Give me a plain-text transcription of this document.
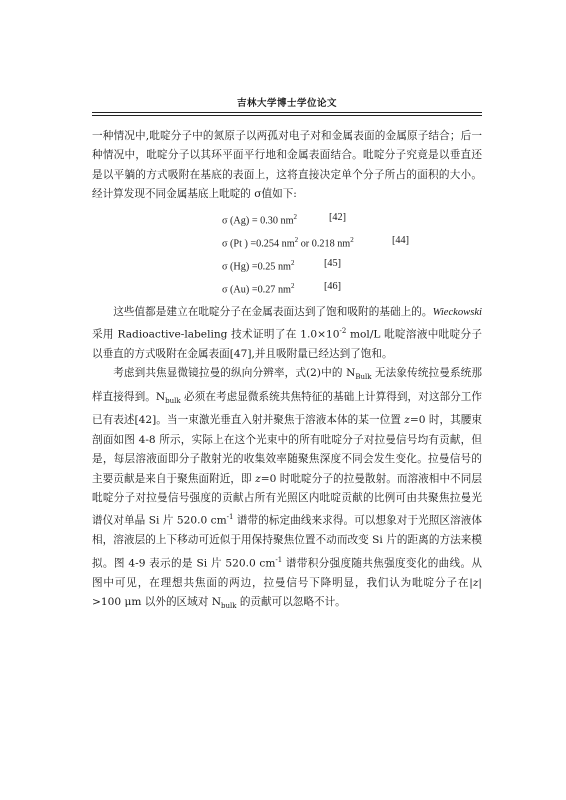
吉林大学博士学位论文

一种情况中,吡啶分子中的氮原子以两孤对电子对和金属表面的金属原子结合；后一种情况中，吡啶分子以其环平面平行地和金属表面结合。吡啶分子究竟是以垂直还是以平躺的方式吸附在基底的表面上，这将直接决定单个分子所占的面积的大小。经计算发现不同金属基底上吡啶的 σ值如下:

σ (Ag) = 0.30 $nm^2$	[42]
σ (Pt ) =0.254 $nm^2$ or 0.218 $nm^2$	[44]
σ (Hg) =0.25 $nm^2$	[45]
σ (Au) =0.27 $nm^2$	[46]

这些值都是建立在吡啶分子在金属表面达到了饱和吸附的基础上的。Wieckowski 采用 Radioactive-labeling 技术证明了在 $1.0\times 10^{-2}$ mol/L 吡啶溶液中吡啶分子以垂直的方式吸附在金属表面[47],并且吸附量已经达到了饱和。

考虑到共焦显微镜拉曼的纵向分辨率，式(2)中的 $N_{Bulk}$ 无法象传统拉曼系统那样直接得到。$N_{bulk}$ 必须在考虑显微系统共焦特征的基础上计算得到，对这部分工作已有表述[42]。当一束激光垂直入射并聚焦于溶液本体的某一位置 z=0 时，其腰束剖面如图 4-8 所示，实际上在这个光束中的所有吡啶分子对拉曼信号均有贡献，但是，每层溶液面即分子散射光的收集效率随聚焦深度不同会发生变化。拉曼信号的主要贡献是来自于聚焦面附近，即 z=0 时吡啶分子的拉曼散射。而溶液相中不同层吡啶分子对拉曼信号强度的贡献占所有光照区内吡啶贡献的比例可由共聚焦拉曼光谱仪对单晶 Si 片 520.0 $cm^{-1}$ 谱带的标定曲线来求得。可以想象对于光照区溶液体相，溶液层的上下移动可近似于用保持聚焦位置不动而改变 Si 片的距离的方法来模拟。图 4-9 表示的是 Si 片 520.0 $cm^{-1}$ 谱带积分强度随共焦强度变化的曲线。从图中可见，在理想共焦面的两边，拉曼信号下降明显，我们认为吡啶分子在|z| >100 μm 以外的区域对 $N_{bulk}$ 的贡献可以忽略不计。
